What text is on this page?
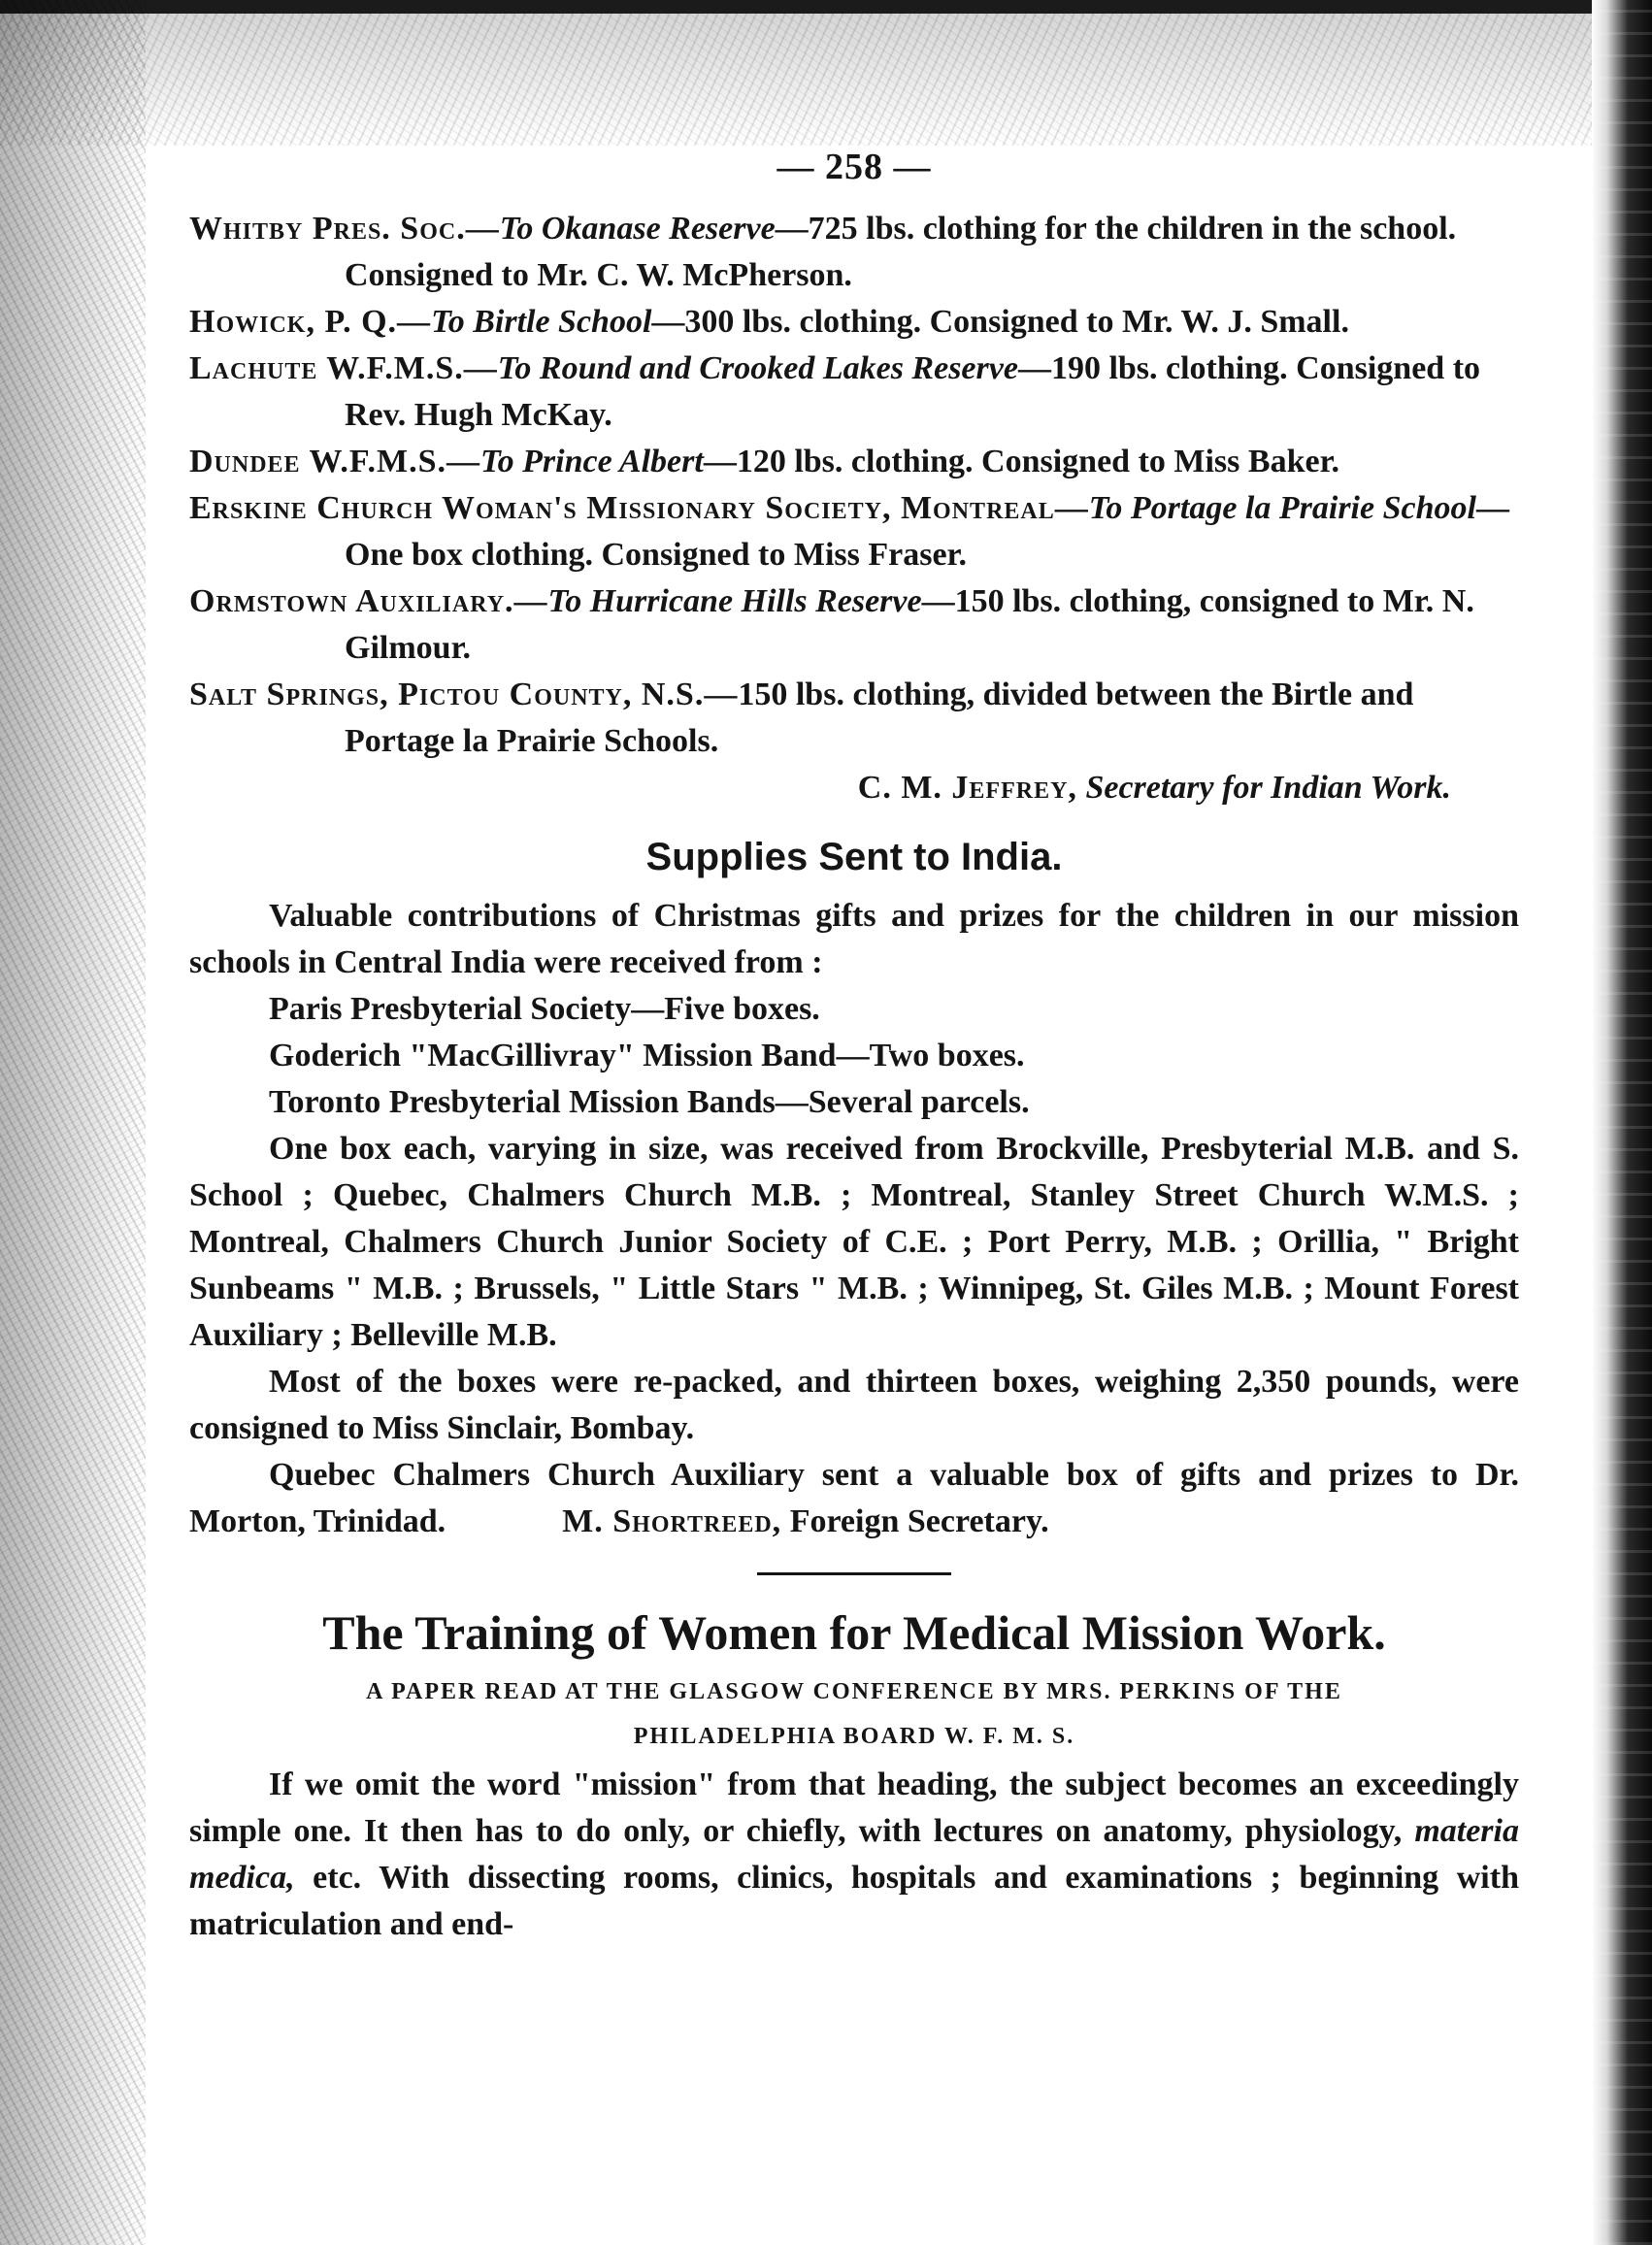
— 258 —

Whitby Pres. Soc.—To Okanase Reserve—725 lbs. clothing for the children in the school. Consigned to Mr. C. W. McPherson.

Howick, P. Q.—To Birtle School—300 lbs. clothing. Consigned to Mr. W. J. Small.

Lachute W.F.M.S.—To Round and Crooked Lakes Reserve—190 lbs. clothing. Consigned to Rev. Hugh McKay.

Dundee W.F.M.S.—To Prince Albert—120 lbs. clothing. Consigned to Miss Baker.

Erskine Church Woman's Missionary Society, Montreal—To Portage la Prairie School—One box clothing. Consigned to Miss Fraser.

Ormstown Auxiliary.—To Hurricane Hills Reserve—150 lbs. clothing, consigned to Mr. N. Gilmour.

Salt Springs, Pictou County, N.S.—150 lbs. clothing, divided between the Birtle and Portage la Prairie Schools.

C. M. Jeffrey, Secretary for Indian Work.

Supplies Sent to India.

Valuable contributions of Christmas gifts and prizes for the children in our mission schools in Central India were received from :

Paris Presbyterial Society—Five boxes.

Goderich "MacGillivray" Mission Band—Two boxes.

Toronto Presbyterial Mission Bands—Several parcels.

One box each, varying in size, was received from Brockville, Presbyterial M.B. and S. School ; Quebec, Chalmers Church M.B. ; Montreal, Stanley Street Church W.M.S. ; Montreal, Chalmers Church Junior Society of C.E. ; Port Perry, M.B. ; Orillia, " Bright Sunbeams " M.B. ; Brussels, " Little Stars " M.B. ; Winnipeg, St. Giles M.B. ; Mount Forest Auxiliary ; Belleville M.B.

Most of the boxes were re-packed, and thirteen boxes, weighing 2,350 pounds, were consigned to Miss Sinclair, Bombay.

Quebec Chalmers Church Auxiliary sent a valuable box of gifts and prizes to Dr. Morton, Trinidad.	M. Shortreed, Foreign Secretary.

The Training of Women for Medical Mission Work.

A PAPER READ AT THE GLASGOW CONFERENCE BY MRS. PERKINS OF THE

PHILADELPHIA BOARD W. F. M. S.

If we omit the word "mission" from that heading, the subject becomes an exceedingly simple one. It then has to do only, or chiefly, with lectures on anatomy, physiology, materia medica, etc. With dissecting rooms, clinics, hospitals and examinations ; beginning with matriculation and end-
